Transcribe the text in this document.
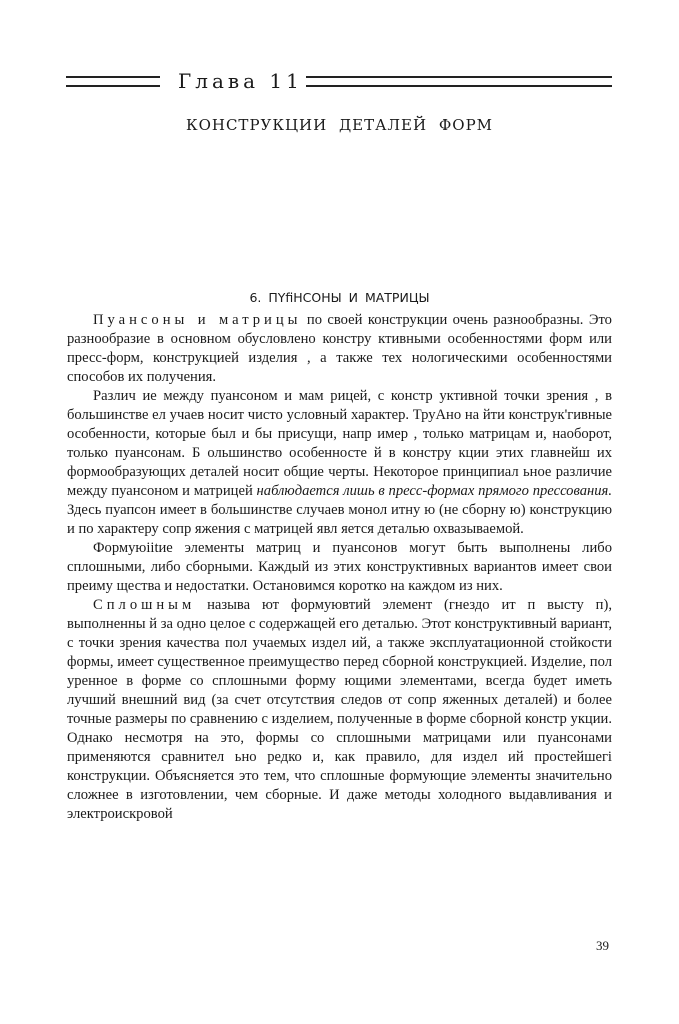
Глава 11
КОНСТРУКЦИИ ДЕТАЛЕЙ ФОРМ
6. ПYfiНСОНЫ И МАТРИЦЫ

Пуансоны и матрицы по своей конструкции очень разнообразны. Это разнообразие в основном обусловлено констру ктивными особенностями форм или пресс-форм, конструкцией изделия , а также тех нологическими особенностями способов их получения.

Различ ие между пуансоном и мам рицей, с констр уктивной точки зрения , в большинстве ел учаев носит чисто условный характер. ТруАно на йти конструк'гивные особенности, которые был и бы присущи, напр имер , только матрицам и, наоборот, только пуансонам. Б ольшинство особенносте й в констру кции этих главнейш их формообразующих деталей носит общие черты. Некоторое принципиал ьное различие между пуансоном и матрицей наблюдается лишь в пресс-формах прямого прессования. Здесь пуапсон имеет в большинстве случаев монол итну ю (не сборну ю) конструкцию и по характеру сопр яжения с матрицей явл яется деталью охвазываемой.

Формуюiitие элементы матриц и пуансонов могут быть выполнены либо сплошными, либо сборными. Каждый из этих конструктивных вариантов имеет свои преиму щества и недостатки. Остановимся коротко на каждом из них.

Сплошным называ ют формуювтий элемент (гнездо ит п высту п), выполненны й за одно целое с содержащей его деталью. Этот конструктивный вариант, с точки зрения качества пол учаемых издел ий, а также эксплуатационной стойкости формы, имеет существенное преимущество перед сборной конструкцией. Изделие, пол уренное в форме со сплошными форму ющими элементами, всегда будет иметь лучший внешний вид (за счет отсутствия следов от сопр яженных деталей) и более точные размеры по сравнению с изделием, полученные в форме сборной констр укции. Однако несмотря на это, формы со сплошными матрицами или пуансонами применяются сравнител ьно редко и, как правило, для издел ий простейшегi конструкции. Объясняется это тем, что сплошные формующие элементы значительно сложнее в изготовлении, чем сборные. И даже методы холодного выдавливания и электроискровой

39
